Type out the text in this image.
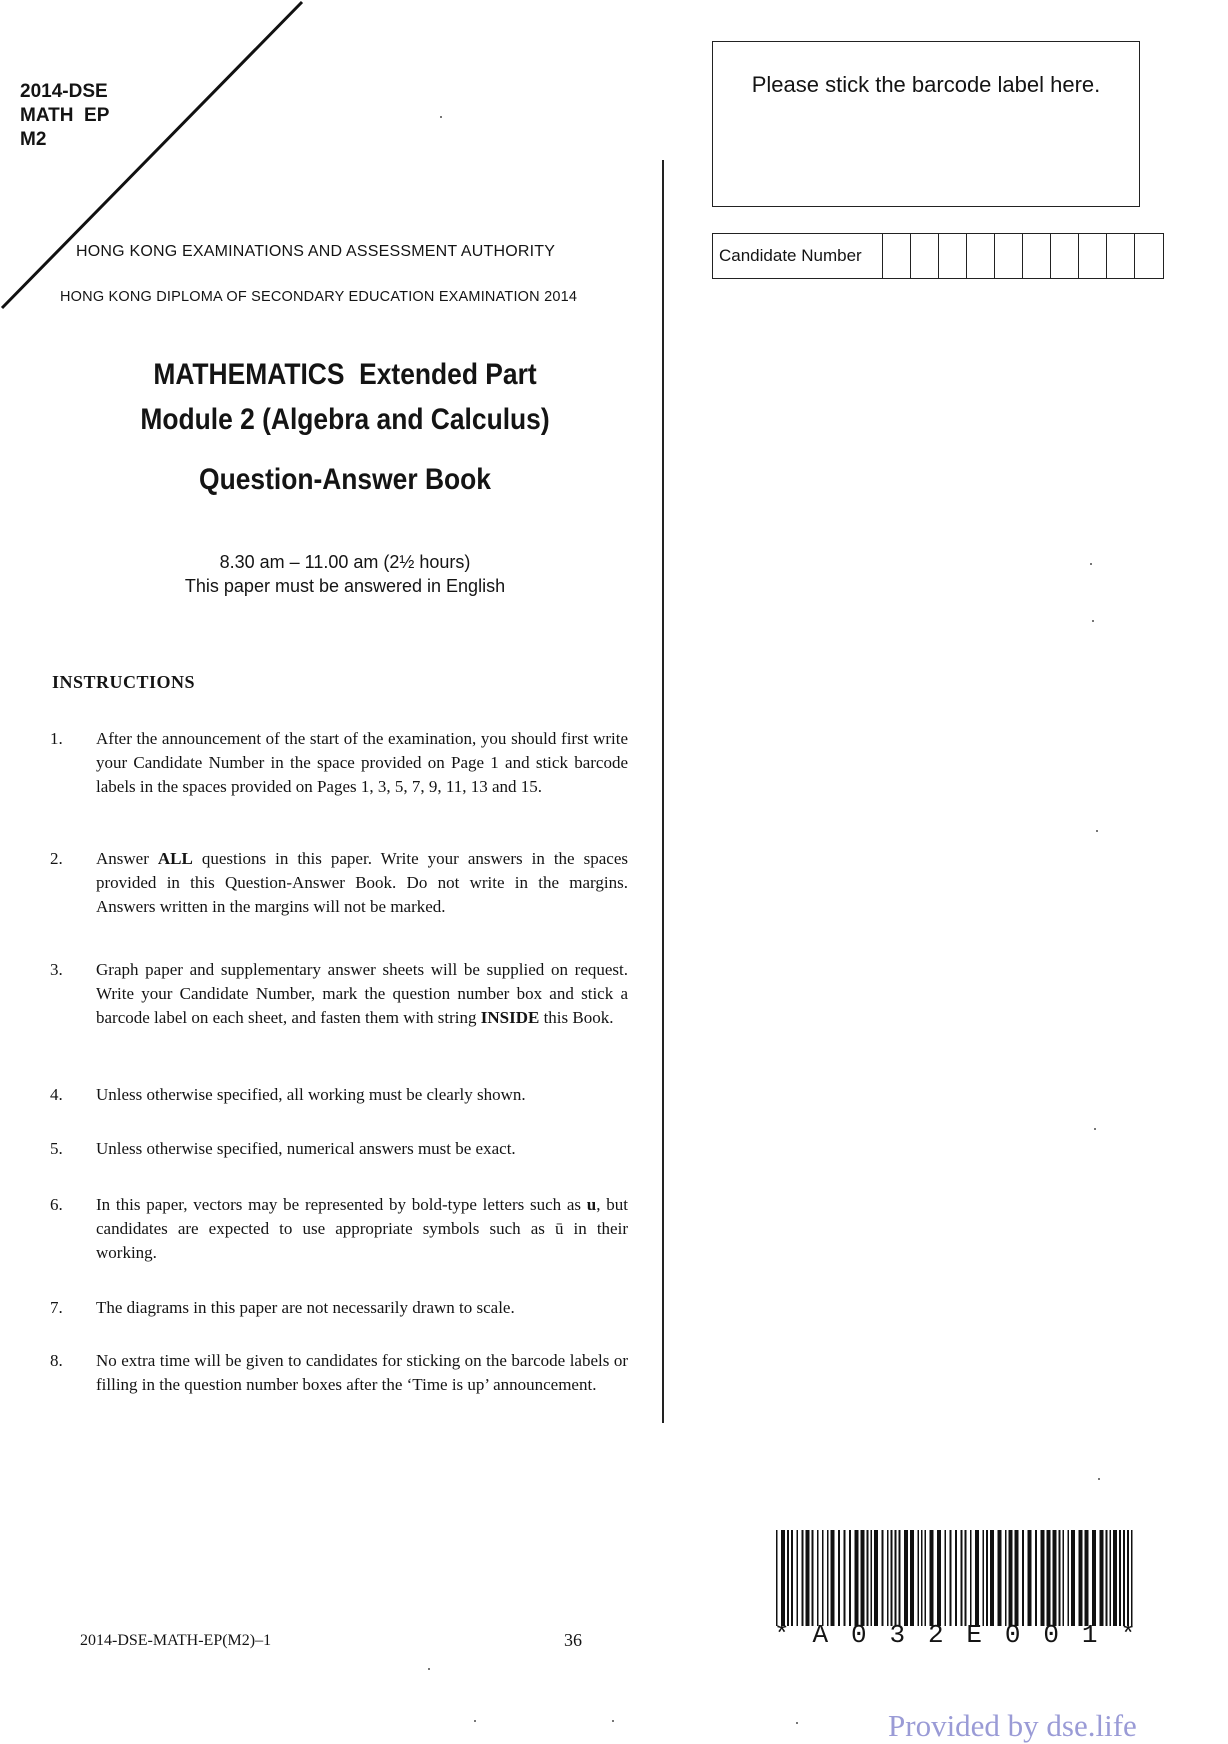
2014-DSE
MATH  EP
M2
HONG KONG EXAMINATIONS AND ASSESSMENT AUTHORITY
HONG KONG DIPLOMA OF SECONDARY EDUCATION EXAMINATION 2014
MATHEMATICS  Extended Part
Module 2 (Algebra and Calculus)
Question-Answer Book
8.30 am – 11.00 am (2½ hours)
This paper must be answered in English
INSTRUCTIONS
1.	After the announcement of the start of the examination, you should first write your Candidate Number in the space provided on Page 1 and stick barcode labels in the spaces provided on Pages 1, 3, 5, 7, 9, 11, 13 and 15.
2.	Answer ALL questions in this paper. Write your answers in the spaces provided in this Question-Answer Book. Do not write in the margins. Answers written in the margins will not be marked.
3.	Graph paper and supplementary answer sheets will be supplied on request. Write your Candidate Number, mark the question number box and stick a barcode label on each sheet, and fasten them with string INSIDE this Book.
4.	Unless otherwise specified, all working must be clearly shown.
5.	Unless otherwise specified, numerical answers must be exact.
6.	In this paper, vectors may be represented by bold-type letters such as u, but candidates are expected to use appropriate symbols such as ū in their working.
7.	The diagrams in this paper are not necessarily drawn to scale.
8.	No extra time will be given to candidates for sticking on the barcode labels or filling in the question number boxes after the ‘Time is up’ announcement.
Please stick the barcode label here.
Candidate Number
2014-DSE-MATH-EP(M2)–1	36	* A 0 3 2 E 0 0 1 *
Provided by dse.life
